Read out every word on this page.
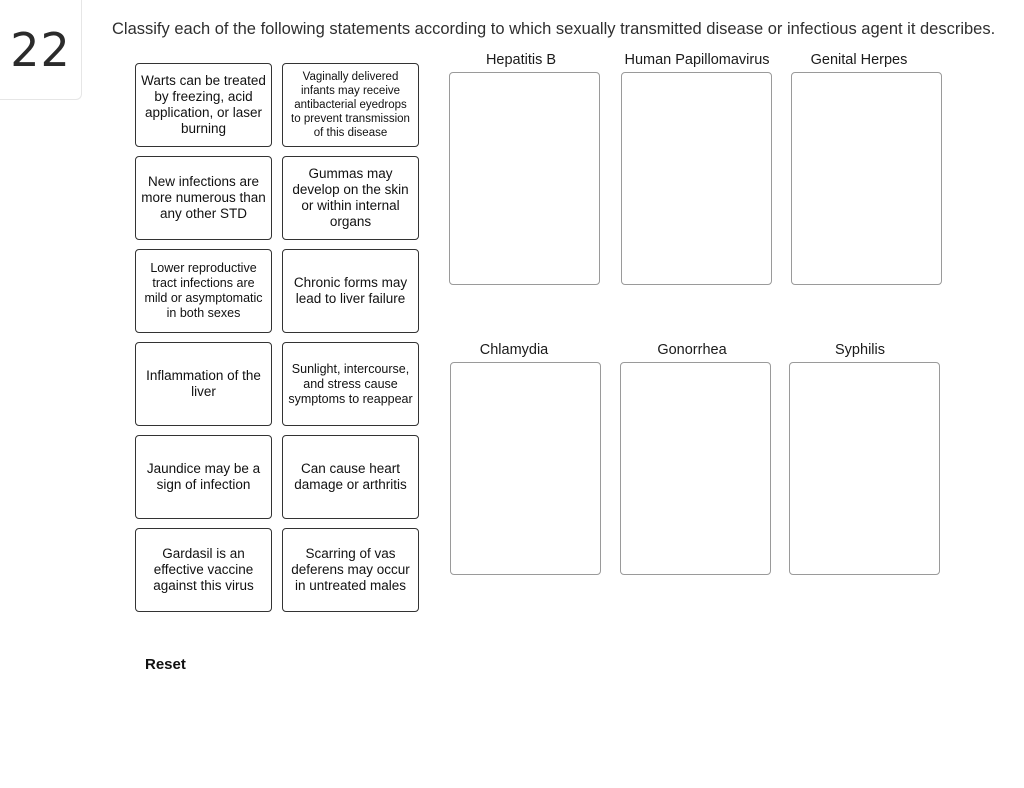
22	Classify each of the following statements according to which sexually transmitted disease or infectious agent it describes.
Warts can be treated by freezing, acid application, or laser burning
Vaginally delivered infants may receive antibacterial eyedrops to prevent transmission of this disease
New infections are more numerous than any other STD
Gummas may develop on the skin or within internal organs
Lower reproductive tract infections are mild or asymptomatic in both sexes
Chronic forms may lead to liver failure
Inflammation of the liver
Sunlight, intercourse, and stress cause symptoms to reappear
Jaundice may be a sign of infection
Can cause heart damage or arthritis
Gardasil is an effective vaccine against this virus
Scarring of vas deferens may occur in untreated males
Hepatitis B	Human Papillomavirus	Genital Herpes
Chlamydia	Gonorrhea	Syphilis
Reset
